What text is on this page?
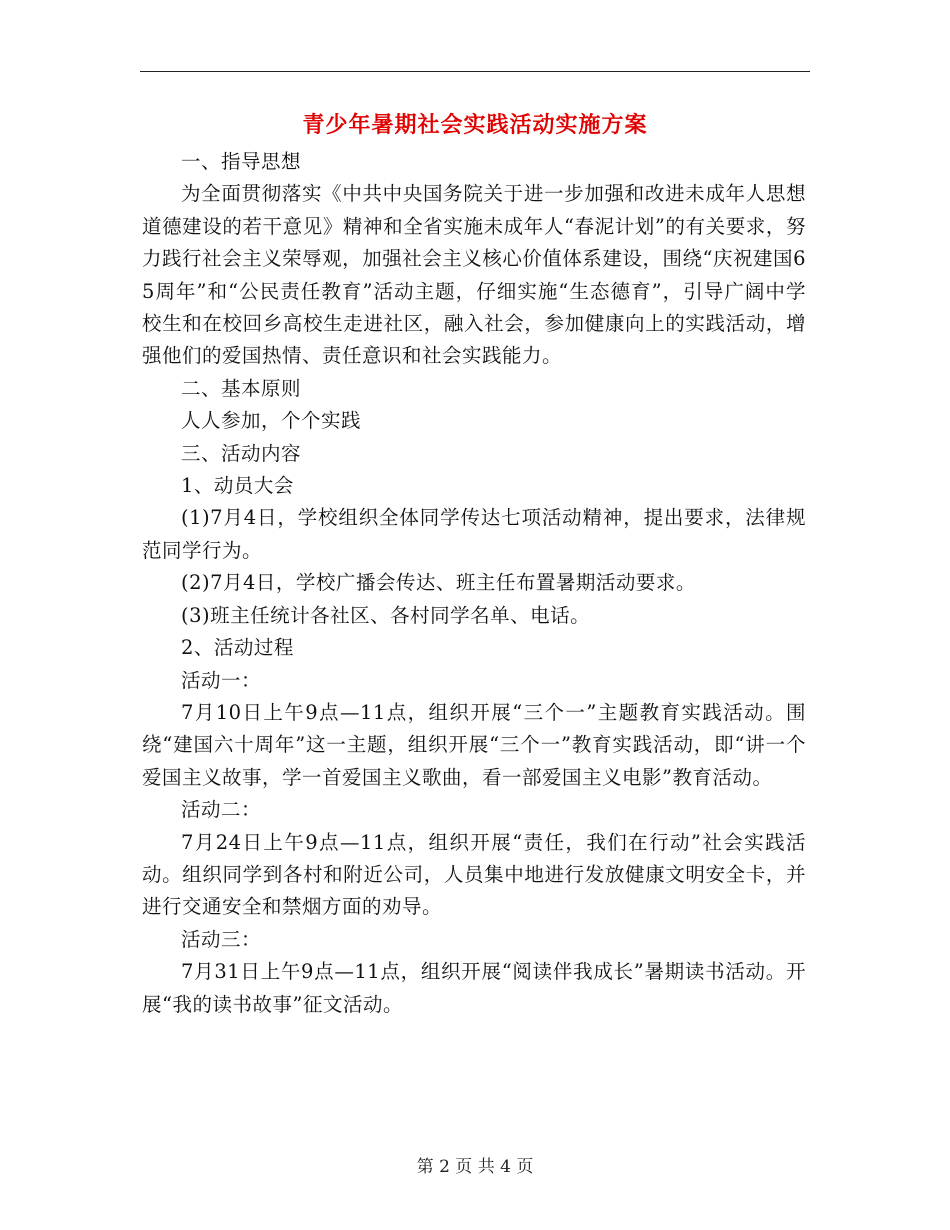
青少年暑期社会实践活动实施方案

一、指导思想

为全面贯彻落实《中共中央国务院关于进一步加强和改进未成年人思想道德建设的若干意见》精神和全省实施未成年人“春泥计划”的有关要求，努力践行社会主义荣辱观，加强社会主义核心价值体系建设，围绕“庆祝建国65周年”和“公民责任教育”活动主题，仔细实施“生态德育”，引导广阔中学校生和在校回乡高校生走进社区，融入社会，参加健康向上的实践活动，增强他们的爱国热情、责任意识和社会实践能力。

二、基本原则

人人参加，个个实践

三、活动内容

1、动员大会

(1)7月4日，学校组织全体同学传达七项活动精神，提出要求，法律规范同学行为。

(2)7月4日，学校广播会传达、班主任布置暑期活动要求。

(3)班主任统计各社区、各村同学名单、电话。

2、活动过程

活动一：

7月10日上午9点—11点，组织开展“三个一”主题教育实践活动。围绕“建国六十周年”这一主题，组织开展“三个一”教育实践活动，即“讲一个爱国主义故事，学一首爱国主义歌曲，看一部爱国主义电影”教育活动。

活动二：

7月24日上午9点—11点，组织开展“责任，我们在行动”社会实践活动。组织同学到各村和附近公司，人员集中地进行发放健康文明安全卡，并进行交通安全和禁烟方面的劝导。

活动三：

7月31日上午9点—11点，组织开展“阅读伴我成长”暑期读书活动。开展“我的读书故事”征文活动。

第 2 页 共 4 页
